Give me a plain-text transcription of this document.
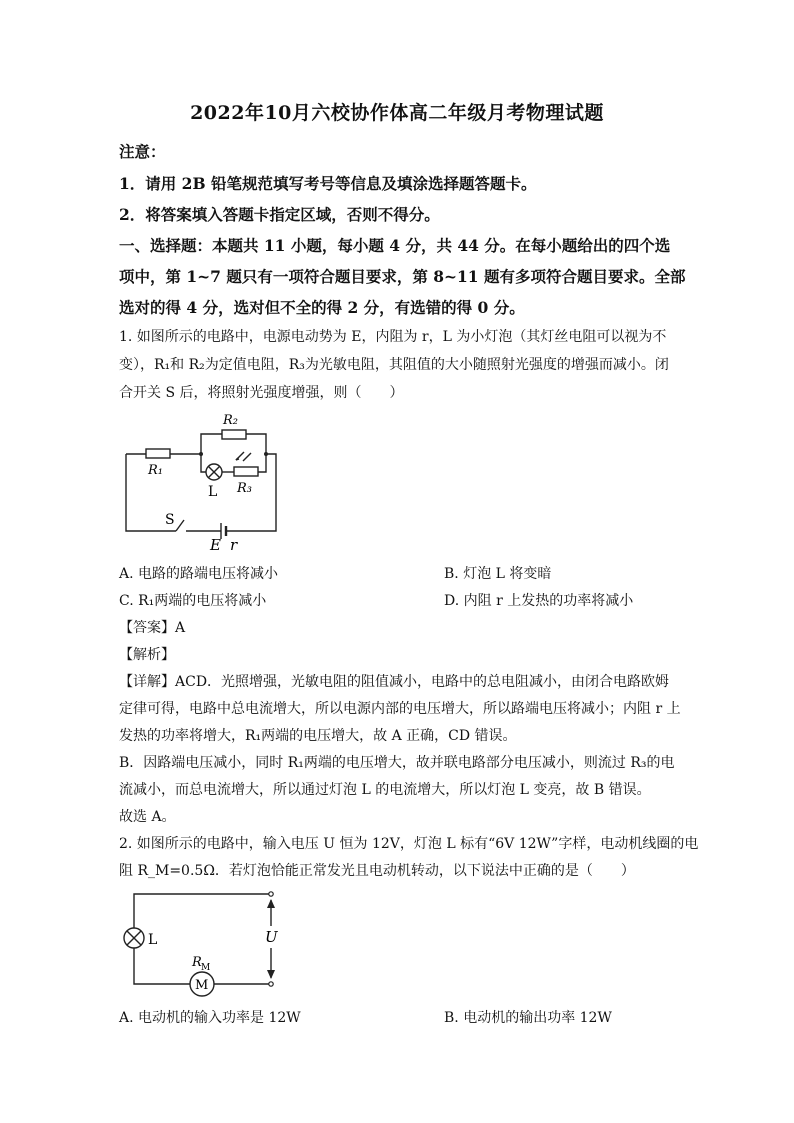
2022年10月六校协作体高二年级月考物理试题
注意：
1．请用 2B 铅笔规范填写考号等信息及填涂选择题答题卡。
2．将答案填入答题卡指定区域，否则不得分。
一、选择题：本题共 11 小题，每小题 4 分，共 44 分。在每小题给出的四个选
项中，第 1~7 题只有一项符合题目要求，第 8~11 题有多项符合题目要求。全部
选对的得 4 分，选对但不全的得 2 分，有选错的得 0 分。
1. 如图所示的电路中，电源电动势为 E，内阻为 r，L 为小灯泡（其灯丝电阻可以视为不
变），R₁和 R₂为定值电阻，R₃为光敏电阻，其阻值的大小随照射光强度的增强而减小。闭
合开关 S 后，将照射光强度增强，则（　　）
R₂
R₁
L R₃
S
E r
A. 电路的路端电压将减小	B. 灯泡 L 将变暗
C. R₁两端的电压将减小	D. 内阻 r 上发热的功率将减小
【答案】A
【解析】
【详解】ACD．光照增强，光敏电阻的阻值减小，电路中的总电阻减小，由闭合电路欧姆
定律可得，电路中总电流增大，所以电源内部的电压增大，所以路端电压将减小；内阻 r 上
发热的功率将增大，R₁两端的电压增大，故 A 正确，CD 错误。
B．因路端电压减小，同时 R₁两端的电压增大，故并联电路部分电压减小，则流过 R₃的电
流减小，而总电流增大，所以通过灯泡 L 的电流增大，所以灯泡 L 变亮，故 B 错误。
故选 A。
2. 如图所示的电路中，输入电压 U 恒为 12V，灯泡 L 标有“6V 12W”字样，电动机线圈的电
阻 R_M=0.5Ω．若灯泡恰能正常发光且电动机转动，以下说法中正确的是（　　）
L	U
R M
M
A. 电动机的输入功率是 12W	B. 电动机的输出功率 12W
